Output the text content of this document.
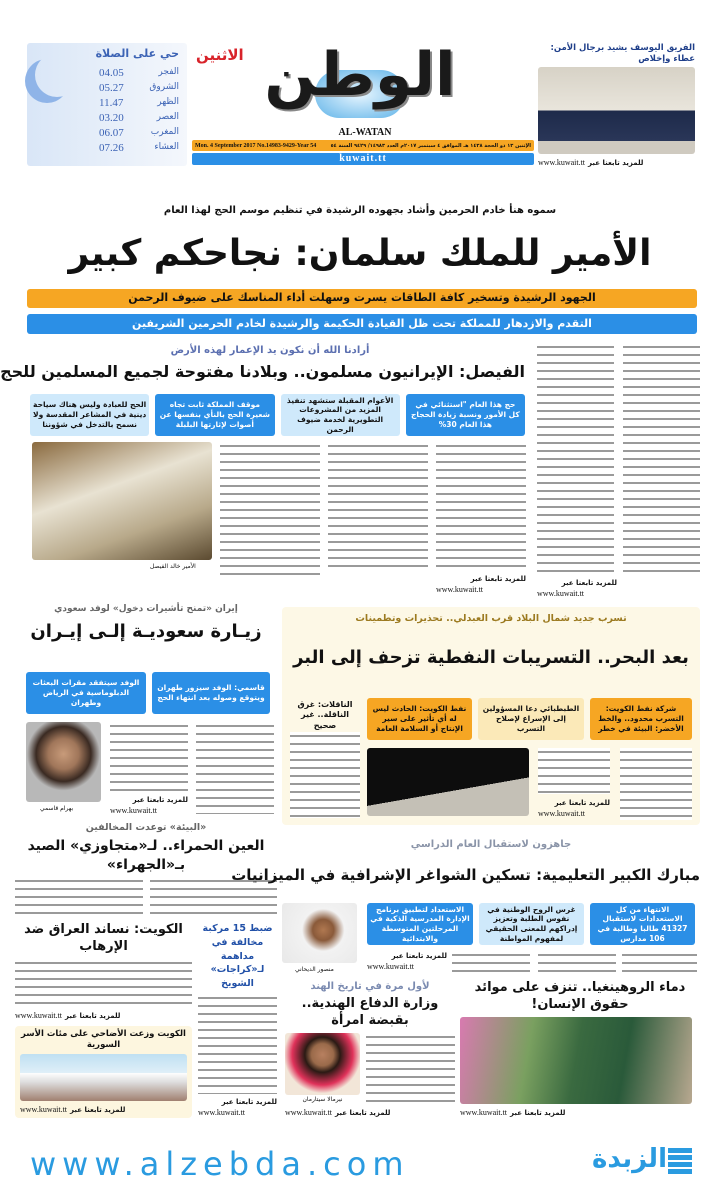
حي على الصلاة
الفجر
04.05
الشروق
05.27
الظهر
11.47
العصر
03.20
المغرب
06.07
العشاء
07.26
الاثنين الوطن
AL-WATAN
Mon. 4 September 2017 No.14983-9429-Year 54	الإثنين ١٣ ذو الحجة ١٤٣٨ هـ الموافق ٤ سبتمبر ٢٠١٧م العدد ١٤٩٨٣/ ٩٤٢٩ السنة ٥٤
kuwait.tt
الفريق اليوسف يشيد برجال الأمن: عطاء وإخلاص
www.kuwait.tt للمزيد تابعنا عبر
سموه هنأ خادم الحرمين وأشاد بجهوده الرشيدة في تنظيم موسم الحج لهذا العام
الأمير للملك سلمان: نجاحكم كبير
الجهود الرشيدة وتسخير كافة الطاقات يسرت وسهلت أداء المناسك على ضيوف الرحمن
التقدم والازدهار للمملكة تحت ظل القيادة الحكيمة والرشيدة لخادم الحرمين الشريفين
للمزيد تابعنا عبر
www.kuwait.tt
أرادنا الله أن نكون يد الإعمار لهذه الأرض
الفيصل: الإيرانيون مسلمون.. وبلادنا مفتوحة لجميع المسلمين للحج
حج هذا العام "استثنائي في كل الأمور ونسبة زيادة الحجاج هذا العام 30%
الأعوام المقبلة ستشهد تنفيذ المزيد من المشروعات التطويرية لخدمة ضيوف الرحمن
موقف المملكة ثابت تجاه شعيرة الحج بالنأي بنفسها عن أصوات لإثارتها البلبلة
الحج للعبادة وليس هناك سياحة دينية في المشاعر المقدسة ولا نسمح بالتدخل في شؤوننا
الأمير خالد الفيصل
للمزيد تابعنا عبر
www.kuwait.tt
إيران «تمنح تأشيرات دخول» لوفد سعودي
زيـارة سعوديـة إلـى إيـران
قاسمي: الوفد سيزور طهران ويتوقع وصوله بعد انتهاء الحج
الوفد سيتفقد مقرات البعثات الدبلوماسية في الرياض وطهران
بهرام قاسمي
للمزيد تابعنا عبر
www.kuwait.tt
تسرب جديد شمال البلاد قرب العبدلي.. تحذيرات وتطمينات
بعد البحر.. التسريبات النفطية تزحف إلى البر
شركة نفط الكويت: التسرب محدود.. والخط الأخضر: البيئة في خطر
الطبطبائي دعا المسؤولين إلى الإسراع لإصلاح التسرب
نفط الكويت: الحادث ليس له أي تأثير على سير الإنتاج أو السلامة العامة
الناقلات: غرق الناقلة.. غير صحيح
للمزيد تابعنا عبر
www.kuwait.tt
«البيئة» توعدت المخالفين
العين الحمراء.. لـ«متجاوزي» الصيد بـ«الجهراء»
الكويت: نساند العراق ضد الإرهاب
www.kuwait.tt للمزيد تابعنا عبر
الكويت وزعت الأضاحي على مئات الأسر السورية
www.kuwait.tt للمزيد تابعنا عبر
ضبط 15 مركبة مخالفة في مداهمة لـ«كراجات» الشويخ
للمزيد تابعنا عبر
www.kuwait.tt
جاهزون لاستقبال العام الدراسي
مبارك الكبير التعليمية: تسكين الشواغر الإشرافية في الميزانيات
منصور الديحاني
الانتهاء من كل الاستعدادات لاستقبال 41327 طالبا وطالبة في 106 مدارس
غرس الروح الوطنية في نفوس الطلبة وتعزيز إدراكهم للمعنى الحقيقي لمفهوم المواطنة
الاستعداد لتطبيق برنامج الإدارة المدرسية الذكية في المرحلتين المتوسطة والابتدائية
للمزيد تابعنا عبر
www.kuwait.tt
لأول مرة في تاريخ الهند
وزارة الدفاع الهندية.. بقبضة امرأة
نيرمالا سيتارمان
www.kuwait.tt للمزيد تابعنا عبر
دماء الروهينغيا.. تنزف على موائد حقوق الإنسان!
www.kuwait.tt للمزيد تابعنا عبر
www.alzebda.com	الزبدة
